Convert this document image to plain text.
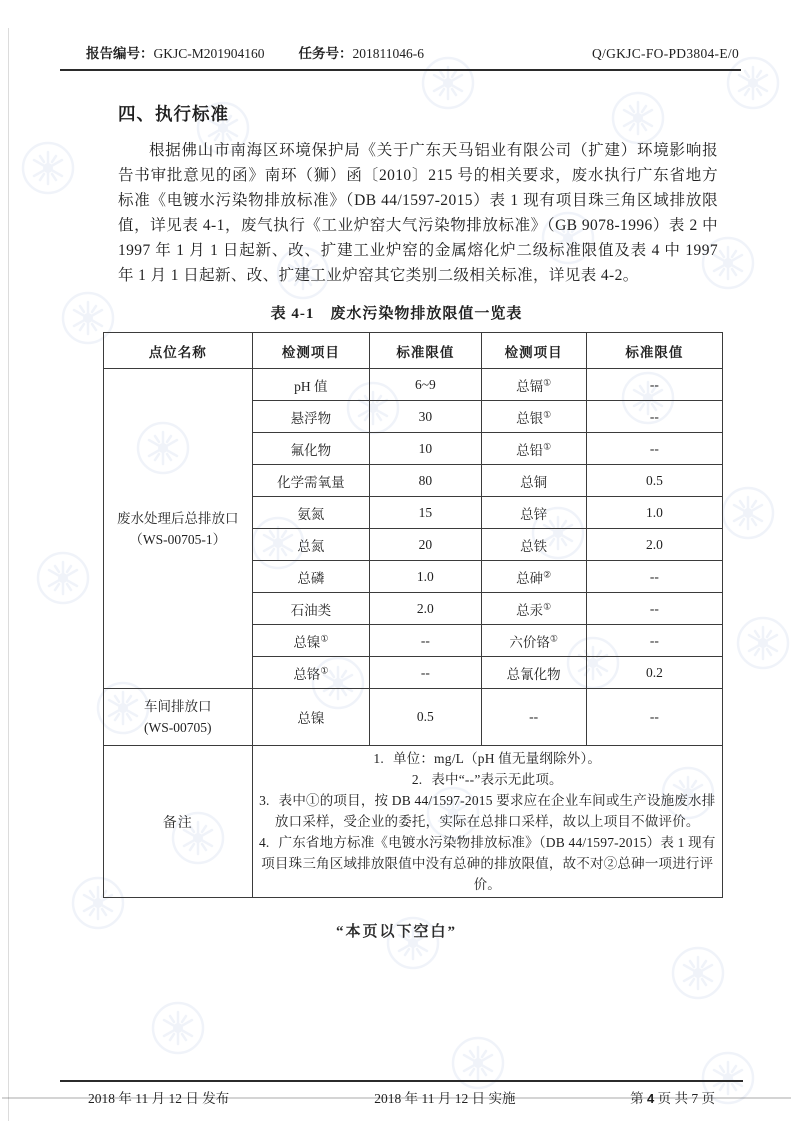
报告编号： GKJC-M201904160	任务号： 201811046-6	Q/GKJC-FO-PD3804-E/0
四、执行标准
根据佛山市南海区环境保护局《关于广东天马铝业有限公司（扩建）环境影响报告书审批意见的函》南环（狮）函〔2010〕215 号的相关要求，废水执行广东省地方标准《电镀水污染物排放标准》（DB 44/1597-2015）表 1 现有项目珠三角区域排放限值，详见表 4-1，废气执行《工业炉窑大气污染物排放标准》（GB 9078-1996）表 2 中 1997 年 1 月 1 日起新、改、扩建工业炉窑的金属熔化炉二级标准限值及表 4 中 1997 年 1 月 1 日起新、改、扩建工业炉窑其它类别二级相关标准，详见表 4-2。
表 4-1　废水污染物排放限值一览表
点位名称	检测项目	标准限值	检测项目	标准限值

废水处理后总排放口
（WS-00705-1）	pH 值	6~9	总镉①	--
	悬浮物	30	总银①	--
	氟化物	10	总铅①	--
	化学需氧量	80	总铜	0.5
	氨氮	15	总锌	1.0
	总氮	20	总铁	2.0
	总磷	1.0	总砷②	--
	石油类	2.0	总汞①	--
	总镍①	--	六价铬①	--
	总铬①	--	总氰化物	0.2

车间排放口
(WS-00705)	总镍	0.5	--	--
备注	1. 单位：mg/L（pH 值无量纲除外）。
2. 表中“--”表示无此项。
3. 表中①的项目，按 DB 44/1597-2015 要求应在企业车间或生产设施废水排放口采样，受企业的委托，实际在总排口采样，故以上项目不做评价。
4. 广东省地方标准《电镀水污染物排放标准》（DB 44/1597-2015）表 1 现有项目珠三角区域排放限值中没有总砷的排放限值，故不对②总砷一项进行评价。			
“本页以下空白”
2018 年 11 月 12 日 发布	2018 年 11 月 12 日 实施	第 4 页 共 7 页
